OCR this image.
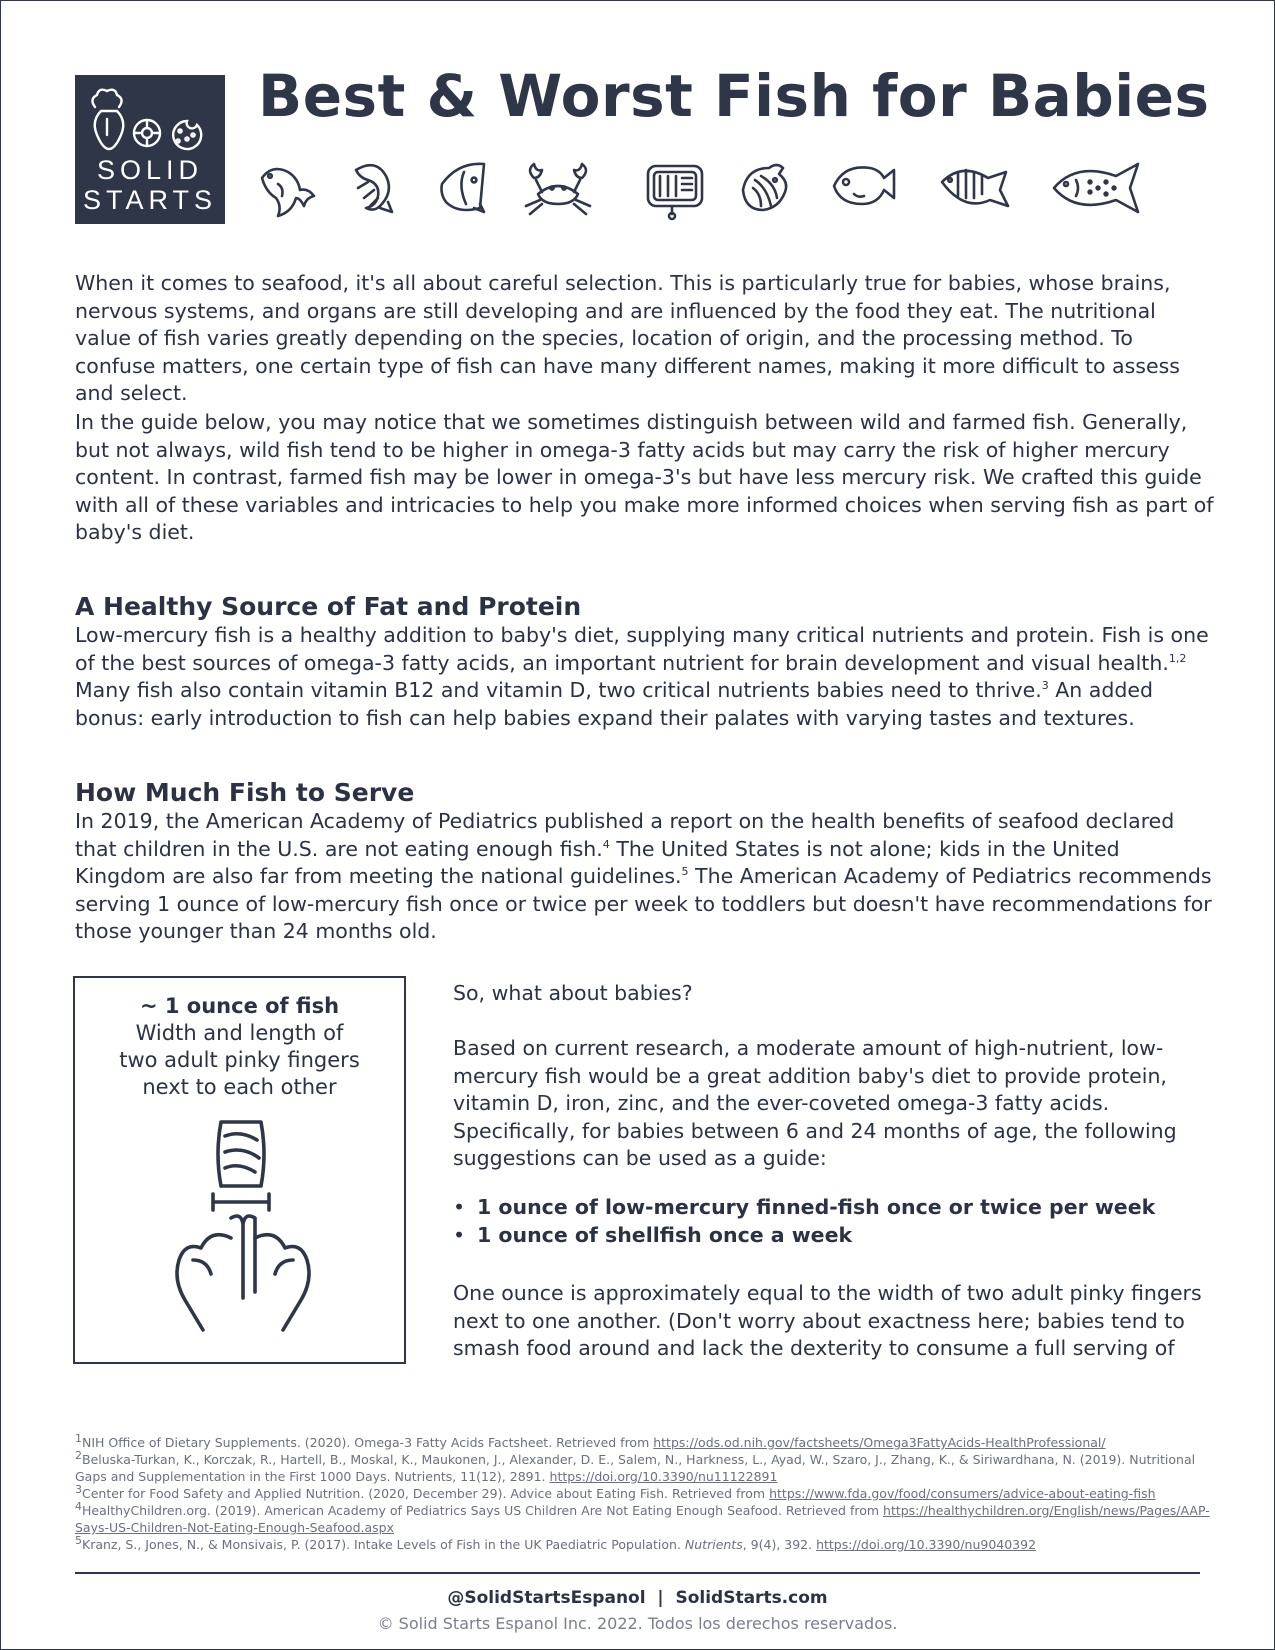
SOLID
STARTS
Best & Worst Fish for Babies

When it comes to seafood, it's all about careful selection. This is particularly true for babies, whose brains, nervous systems, and organs are still developing and are influenced by the food they eat. The nutritional value of fish varies greatly depending on the species, location of origin, and the processing method. To confuse matters, one certain type of fish can have many different names, making it more difficult to assess and select.

In the guide below, you may notice that we sometimes distinguish between wild and farmed fish. Generally, but not always, wild fish tend to be higher in omega-3 fatty acids but may carry the risk of higher mercury content. In contrast, farmed fish may be lower in omega-3's but have less mercury risk. We crafted this guide with all of these variables and intricacies to help you make more informed choices when serving fish as part of baby's diet.

A Healthy Source of Fat and Protein

Low-mercury fish is a healthy addition to baby's diet, supplying many critical nutrients and protein. Fish is one of the best sources of omega-3 fatty acids, an important nutrient for brain development and visual health.$^{1,2}$ Many fish also contain vitamin B12 and vitamin D, two critical nutrients babies need to thrive.$^3$ An added bonus: early introduction to fish can help babies expand their palates with varying tastes and textures.

How Much Fish to Serve

In 2019, the American Academy of Pediatrics published a report on the health benefits of seafood declared that children in the U.S. are not eating enough fish.$^4$ The United States is not alone; kids in the United Kingdom are also far from meeting the national guidelines.$^5$ The American Academy of Pediatrics recommends serving 1 ounce of low-mercury fish once or twice per week to toddlers but doesn't have recommendations for those younger than 24 months old.

~ 1 ounce of fish
Width and length of
two adult pinky fingers
next to each other

So, what about babies?

Based on current research, a moderate amount of high-nutrient, low-mercury fish would be a great addition baby's diet to provide protein, vitamin D, iron, zinc, and the ever-coveted omega-3 fatty acids. Specifically, for babies between 6 and 24 months of age, the following suggestions can be used as a guide:

• 1 ounce of low-mercury finned-fish once or twice per week
• 1 ounce of shellfish once a week

One ounce is approximately equal to the width of two adult pinky fingers next to one another. (Don't worry about exactness here; babies tend to smash food around and lack the dexterity to consume a full serving of

$^1$NIH Office of Dietary Supplements. (2020). Omega-3 Fatty Acids Factsheet. Retrieved from https://ods.od.nih.gov/factsheets/Omega3FattyAcids-HealthProfessional/
$^2$Beluska-Turkan, K., Korczak, R., Hartell, B., Moskal, K., Maukonen, J., Alexander, D. E., Salem, N., Harkness, L., Ayad, W., Szaro, J., Zhang, K., & Siriwardhana, N. (2019). Nutritional Gaps and Supplementation in the First 1000 Days. Nutrients, 11(12), 2891. https://doi.org/10.3390/nu11122891
$^3$Center for Food Safety and Applied Nutrition. (2020, December 29). Advice about Eating Fish. Retrieved from https://www.fda.gov/food/consumers/advice-about-eating-fish
$^4$HealthyChildren.org. (2019). American Academy of Pediatrics Says US Children Are Not Eating Enough Seafood. Retrieved from https://healthychildren.org/English/news/Pages/AAP-Says-US-Children-Not-Eating-Enough-Seafood.aspx
$^5$Kranz, S., Jones, N., & Monsivais, P. (2017). Intake Levels of Fish in the UK Paediatric Population. Nutrients, 9(4), 392. https://doi.org/10.3390/nu9040392
@SolidStartsEspanol | SolidStarts.com
© Solid Starts Espanol Inc. 2022. Todos los derechos reservados.
